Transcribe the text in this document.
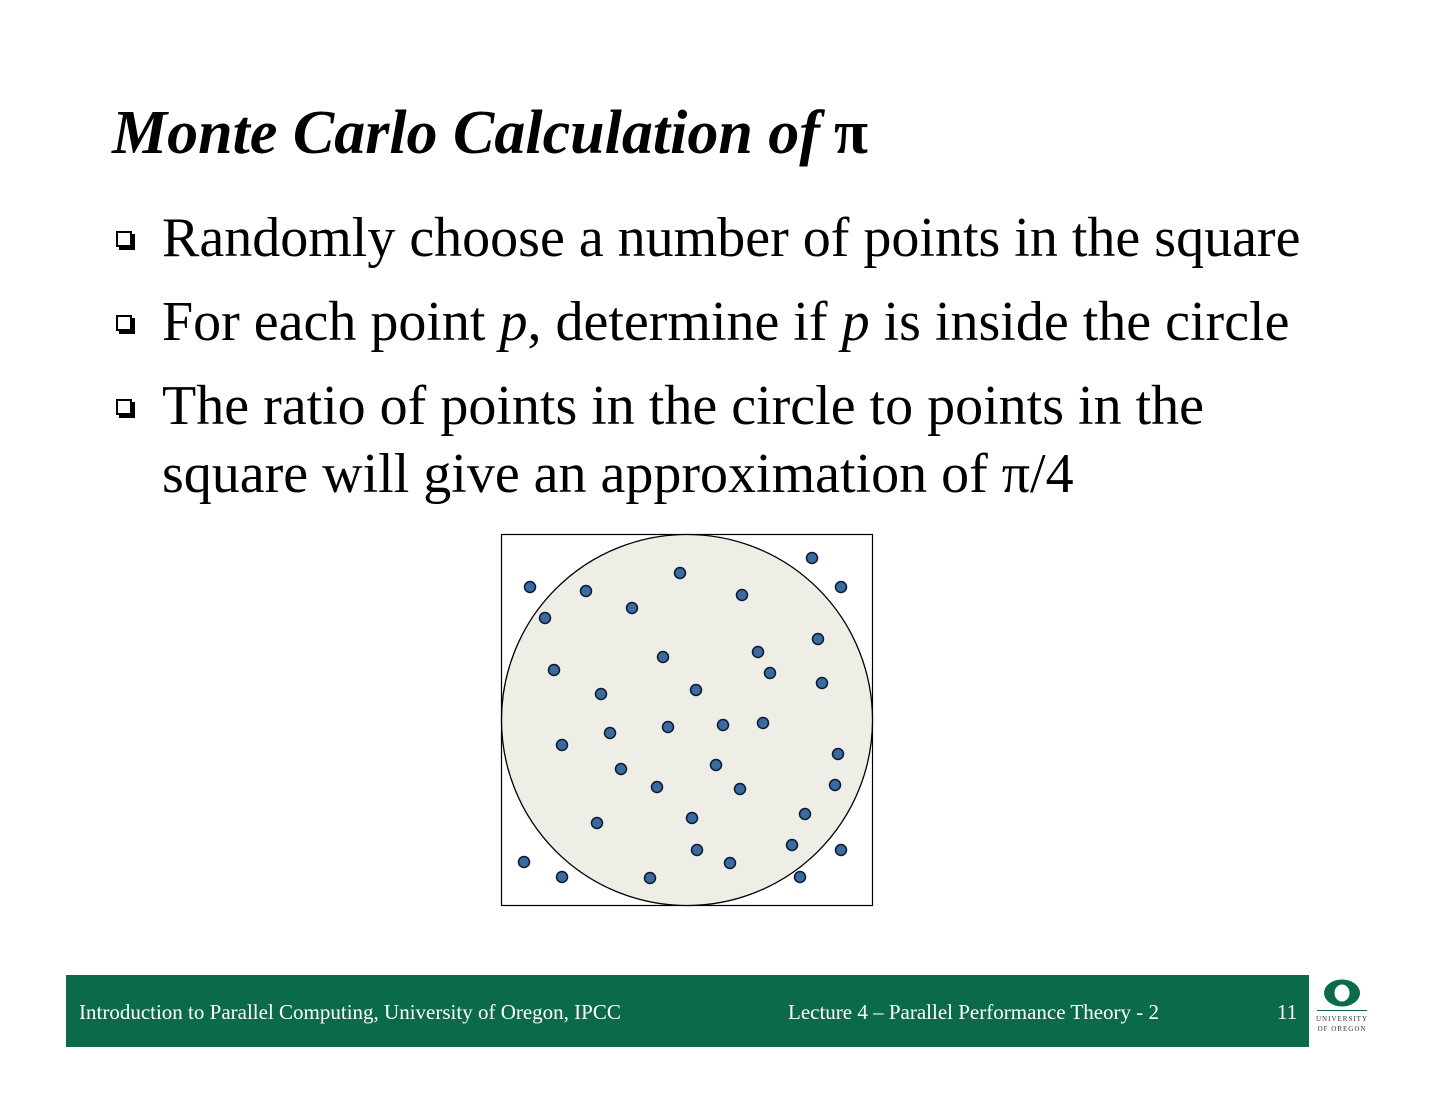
Monte Carlo Calculation of π
Randomly choose a number of points in the square
For each point p, determine if p is inside the circle
The ratio of points in the circle to points in the square will give an approximation of π/4
Introduction to Parallel Computing, University of Oregon, IPCC	Lecture 4 – Parallel Performance Theory - 2	11	UNIVERSITY
OF OREGON
